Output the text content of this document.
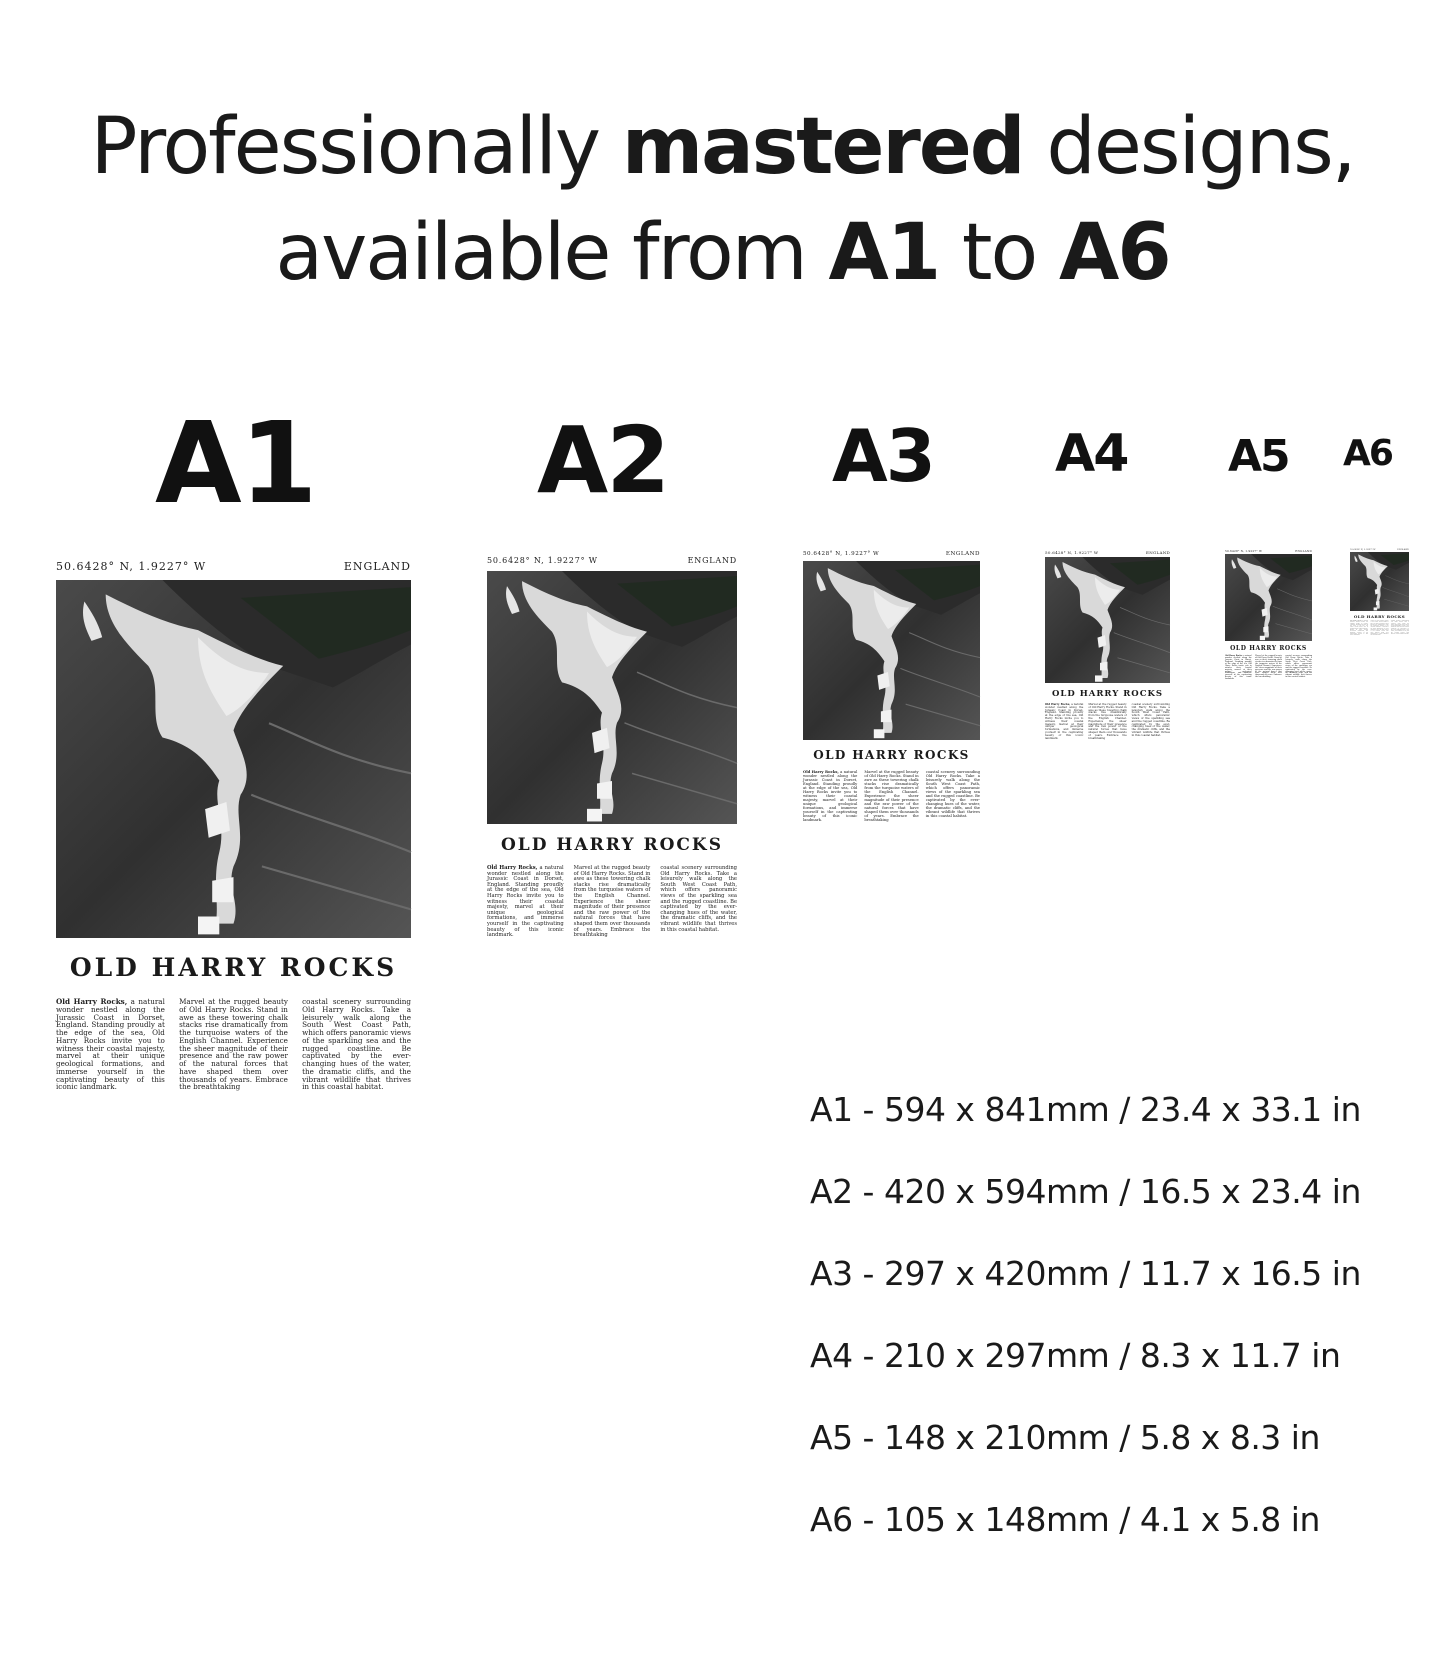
Professionally mastered designs,
available from A1 to A6
A1 A2 A3 A4 A5 A6
50.6428° N, 1.9227° W	ENGLAND
OLD HARRY ROCKS

Old Harry Rocks, a natural wonder nestled along the Jurassic Coast in Dorset, England. Standing proudly at the edge of the sea, Old Harry Rocks invite you to witness their coastal majesty, marvel at their unique geological formations, and immerse yourself in the captivating beauty of this iconic landmark.

Marvel at the rugged beauty of Old Harry Rocks. Stand in awe as these towering chalk stacks rise dramatically from the turquoise waters of the English Channel. Experience the sheer magnitude of their presence and the raw power of the natural forces that have shaped them over thousands of years. Embrace the breathtaking

coastal scenery surrounding Old Harry Rocks. Take a leisurely walk along the South West Coast Path, which offers panoramic views of the sparkling sea and the rugged coastline. Be captivated by the ever-changing hues of the water, the dramatic cliffs, and the vibrant wildlife that thrives in this coastal habitat.

50.6428° N, 1.9227° W	ENGLAND
OLD HARRY ROCKS

Old Harry Rocks, a natural wonder nestled along the Jurassic Coast in Dorset, England. Standing proudly at the edge of the sea, Old Harry Rocks invite you to witness their coastal majesty, marvel at their unique geological formations, and immerse yourself in the captivating beauty of this iconic landmark.

Marvel at the rugged beauty of Old Harry Rocks. Stand in awe as these towering chalk stacks rise dramatically from the turquoise waters of the English Channel. Experience the sheer magnitude of their presence and the raw power of the natural forces that have shaped them over thousands of years. Embrace the breathtaking

coastal scenery surrounding Old Harry Rocks. Take a leisurely walk along the South West Coast Path, which offers panoramic views of the sparkling sea and the rugged coastline. Be captivated by the ever-changing hues of the water, the dramatic cliffs, and the vibrant wildlife that thrives in this coastal habitat.

50.6428° N, 1.9227° W	ENGLAND
OLD HARRY ROCKS

Old Harry Rocks, a natural wonder nestled along the Jurassic Coast in Dorset, England. Standing proudly at the edge of the sea, Old Harry Rocks invite you to witness their coastal majesty, marvel at their unique geological formations, and immerse yourself in the captivating beauty of this iconic landmark.

Marvel at the rugged beauty of Old Harry Rocks. Stand in awe as these towering chalk stacks rise dramatically from the turquoise waters of the English Channel. Experience the sheer magnitude of their presence and the raw power of the natural forces that have shaped them over thousands of years. Embrace the breathtaking

coastal scenery surrounding Old Harry Rocks. Take a leisurely walk along the South West Coast Path, which offers panoramic views of the sparkling sea and the rugged coastline. Be captivated by the ever-changing hues of the water, the dramatic cliffs, and the vibrant wildlife that thrives in this coastal habitat.

50.6428° N, 1.9227° W	ENGLAND
OLD HARRY ROCKS

Old Harry Rocks, a natural wonder nestled along the Jurassic Coast in Dorset, England. Standing proudly at the edge of the sea, Old Harry Rocks invite you to witness their coastal majesty, marvel at their unique geological formations, and immerse yourself in the captivating beauty of this iconic landmark.

Marvel at the rugged beauty of Old Harry Rocks. Stand in awe as these towering chalk stacks rise dramatically from the turquoise waters of the English Channel. Experience the sheer magnitude of their presence and the raw power of the natural forces that have shaped them over thousands of years. Embrace the breathtaking

coastal scenery surrounding Old Harry Rocks. Take a leisurely walk along the South West Coast Path, which offers panoramic views of the sparkling sea and the rugged coastline. Be captivated by the ever-changing hues of the water, the dramatic cliffs, and the vibrant wildlife that thrives in this coastal habitat.

50.6428° N, 1.9227° W	ENGLAND
OLD HARRY ROCKS

Old Harry Rocks, a natural wonder nestled along the Jurassic Coast in Dorset, England. Standing proudly at the edge of the sea, Old Harry Rocks invite you to witness their coastal majesty, marvel at their unique geological formations, and immerse yourself in the captivating beauty of this iconic landmark.

Marvel at the rugged beauty of Old Harry Rocks. Stand in awe as these towering chalk stacks rise dramatically from the turquoise waters of the English Channel. Experience the sheer magnitude of their presence and the raw power of the natural forces that have shaped them over thousands of years. Embrace the breathtaking

coastal scenery surrounding Old Harry Rocks. Take a leisurely walk along the South West Coast Path, which offers panoramic views of the sparkling sea and the rugged coastline. Be captivated by the ever-changing hues of the water, the dramatic cliffs, and the vibrant wildlife that thrives in this coastal habitat.

50.6428° N, 1.9227° W	ENGLAND
OLD HARRY ROCKS

Old Harry Rocks, a natural wonder nestled along the Jurassic Coast in Dorset, England. Standing proudly at the edge of the sea, Old Harry Rocks invite you to witness their coastal majesty, marvel at their unique geological formations, and immerse yourself in the captivating beauty of this iconic landmark.

Marvel at the rugged beauty of Old Harry Rocks. Stand in awe as these towering chalk stacks rise dramatically from the turquoise waters of the English Channel. Experience the sheer magnitude of their presence and the raw power of the natural forces that have shaped them over thousands of years. Embrace the breathtaking

coastal scenery surrounding Old Harry Rocks. Take a leisurely walk along the South West Coast Path, which offers panoramic views of the sparkling sea and the rugged coastline. Be captivated by the ever-changing hues of the water, the dramatic cliffs, and the vibrant wildlife that thrives in this coastal habitat.

A1 - 594 x 841mm / 23.4 x 33.1 in
A2 - 420 x 594mm / 16.5 x 23.4 in
A3 - 297 x 420mm / 11.7 x 16.5 in
A4 - 210 x 297mm / 8.3 x 11.7 in
A5 - 148 x 210mm / 5.8 x 8.3 in
A6 - 105 x 148mm / 4.1 x 5.8 in
